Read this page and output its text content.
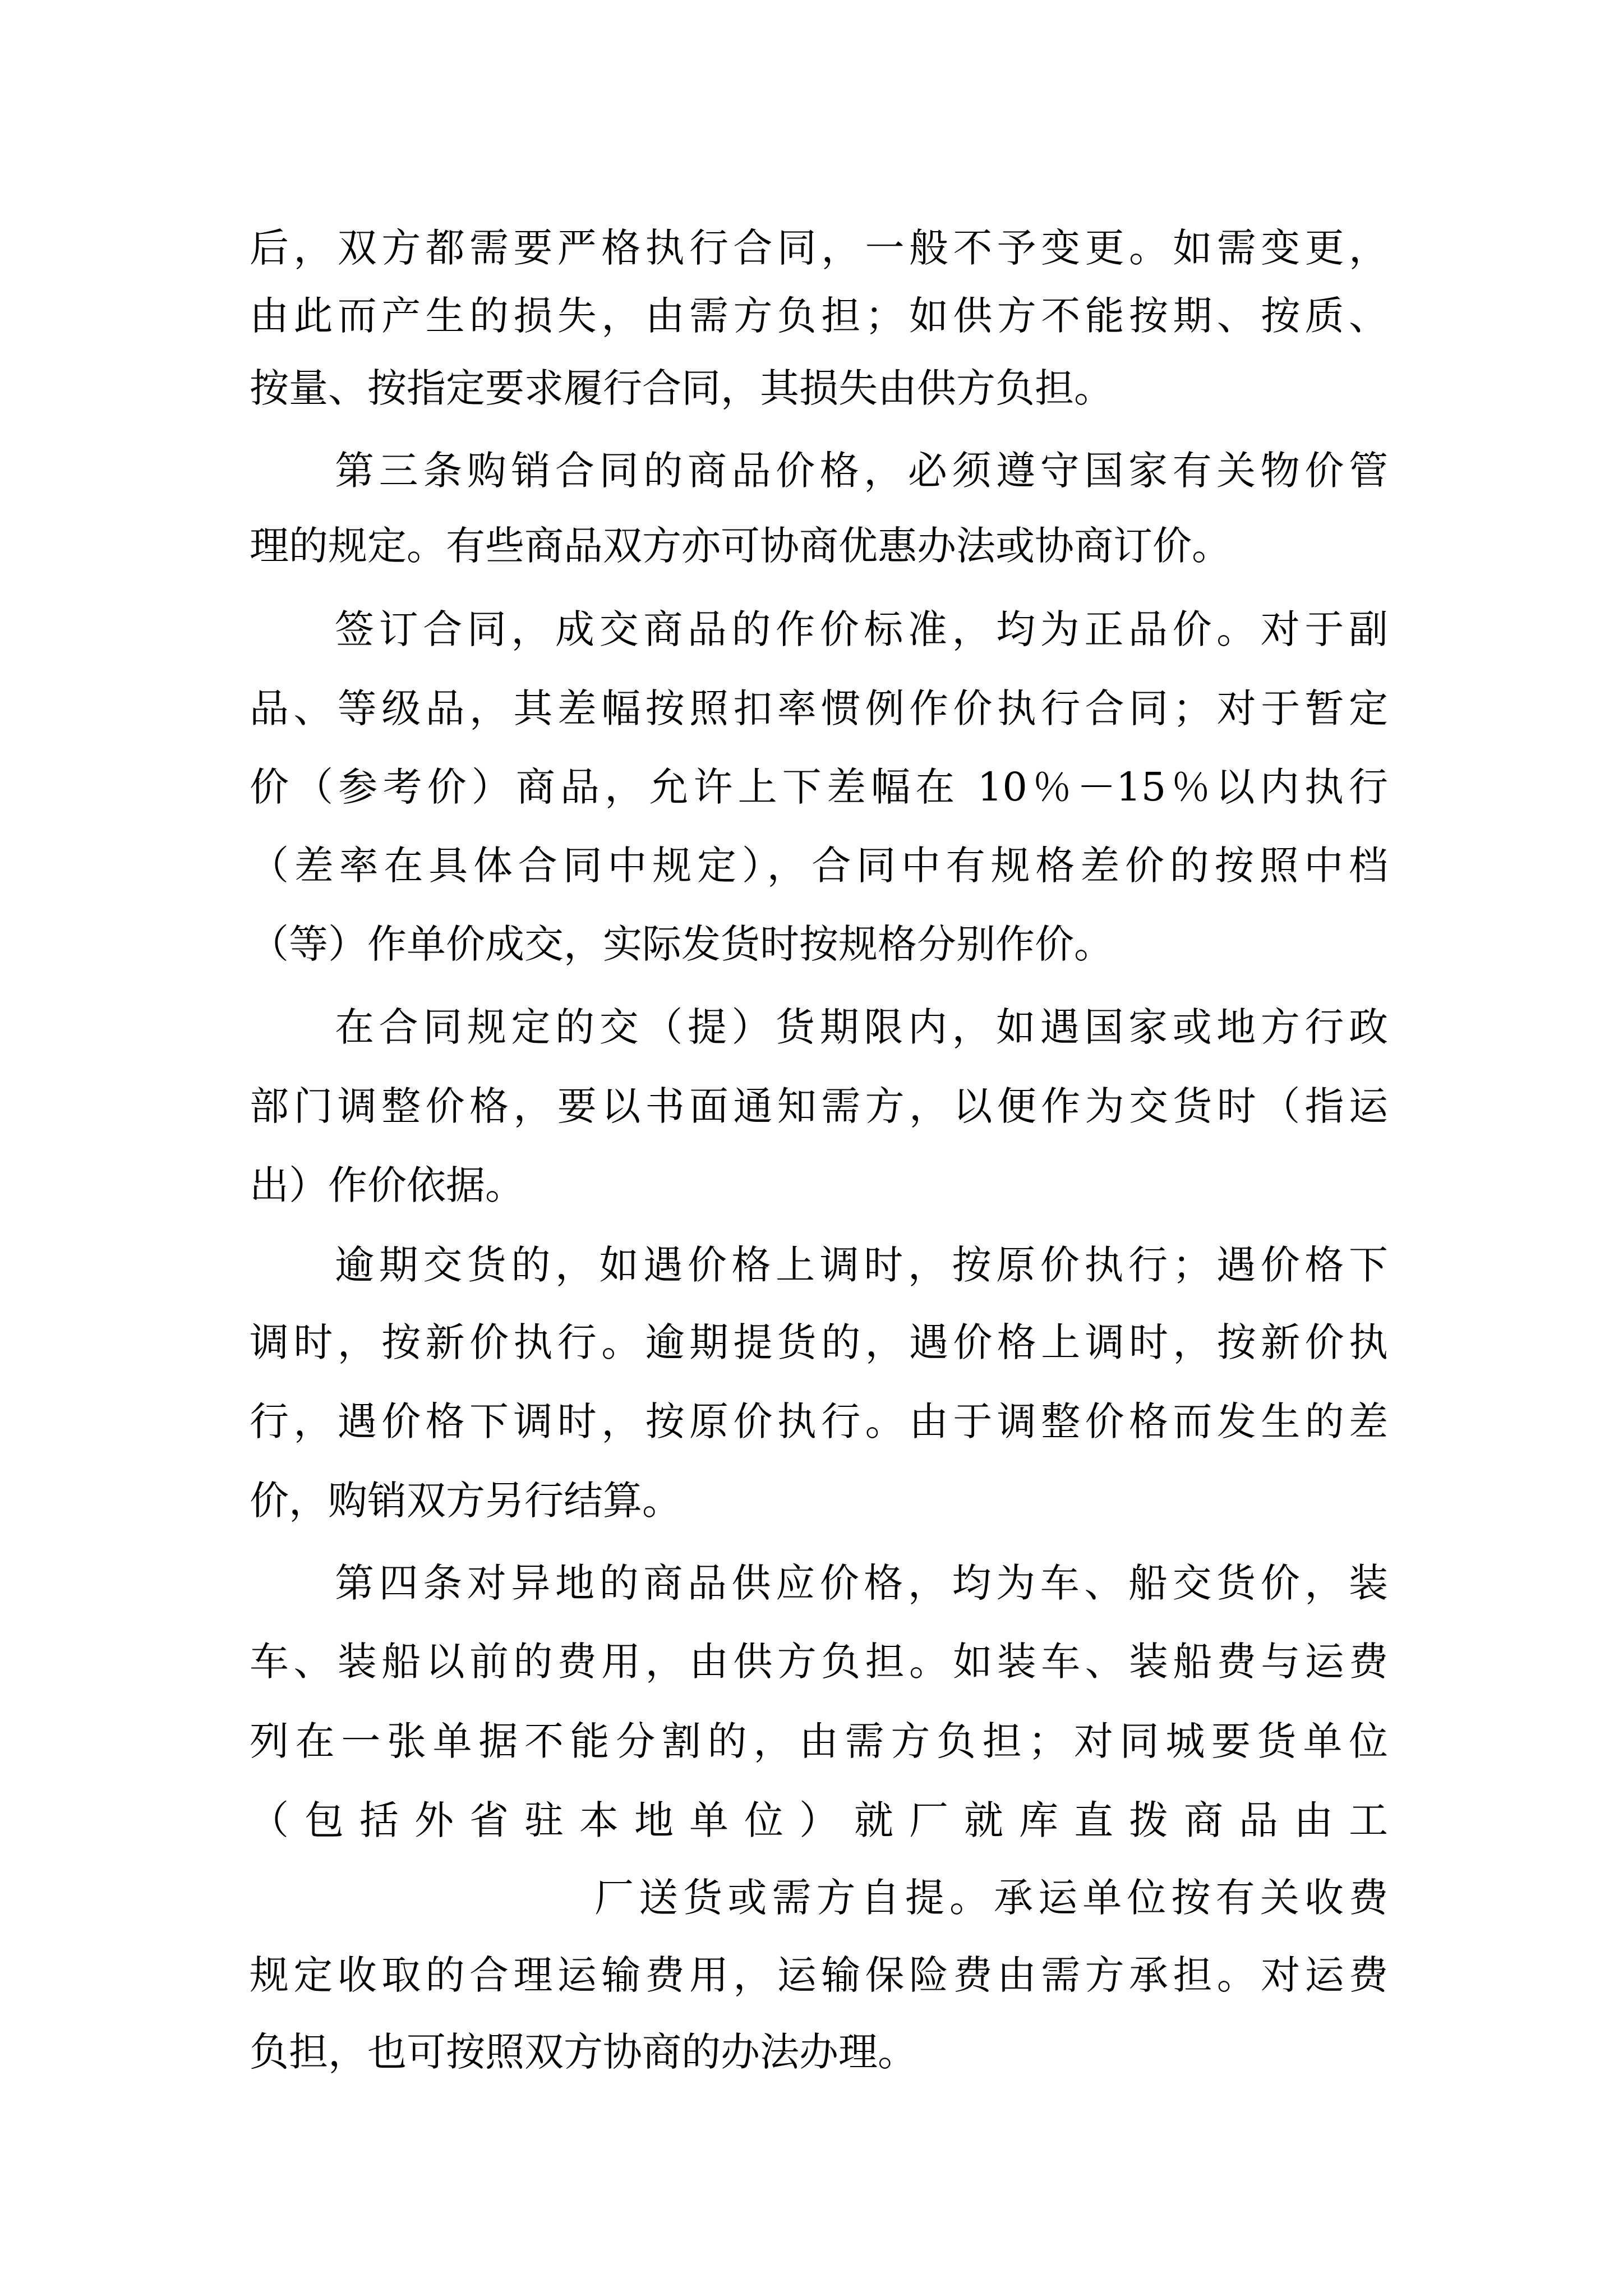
后，双方都需要严格执行合同，一般不予变更。如需变更，
由此而产生的损失，由需方负担；如供方不能按期、按质、
按量、按指定要求履行合同，其损失由供方负担。
第三条购销合同的商品价格，必须遵守国家有关物价管
理的规定。有些商品双方亦可协商优惠办法或协商订价。
签订合同，成交商品的作价标准，均为正品价。对于副
品、等级品，其差幅按照扣率惯例作价执行合同；对于暂定
价（参考价）商品，允许上下差幅在 10％－15％以内执行
（差率在具体合同中规定），合同中有规格差价的按照中档
（等）作单价成交，实际发货时按规格分别作价。
在合同规定的交（提）货期限内，如遇国家或地方行政
部门调整价格，要以书面通知需方，以便作为交货时（指运
出）作价依据。
逾期交货的，如遇价格上调时，按原价执行；遇价格下
调时，按新价执行。逾期提货的，遇价格上调时，按新价执
行，遇价格下调时，按原价执行。由于调整价格而发生的差
价，购销双方另行结算。
第四条对异地的商品供应价格，均为车、船交货价，装
车、装船以前的费用，由供方负担。如装车、装船费与运费
列在一张单据不能分割的，由需方负担；对同城要货单位
（包括外省驻本地单位）就厂就库直拨商品由工
厂送货或需方自提。承运单位按有关收费
规定收取的合理运输费用，运输保险费由需方承担。对运费
负担，也可按照双方协商的办法办理。
